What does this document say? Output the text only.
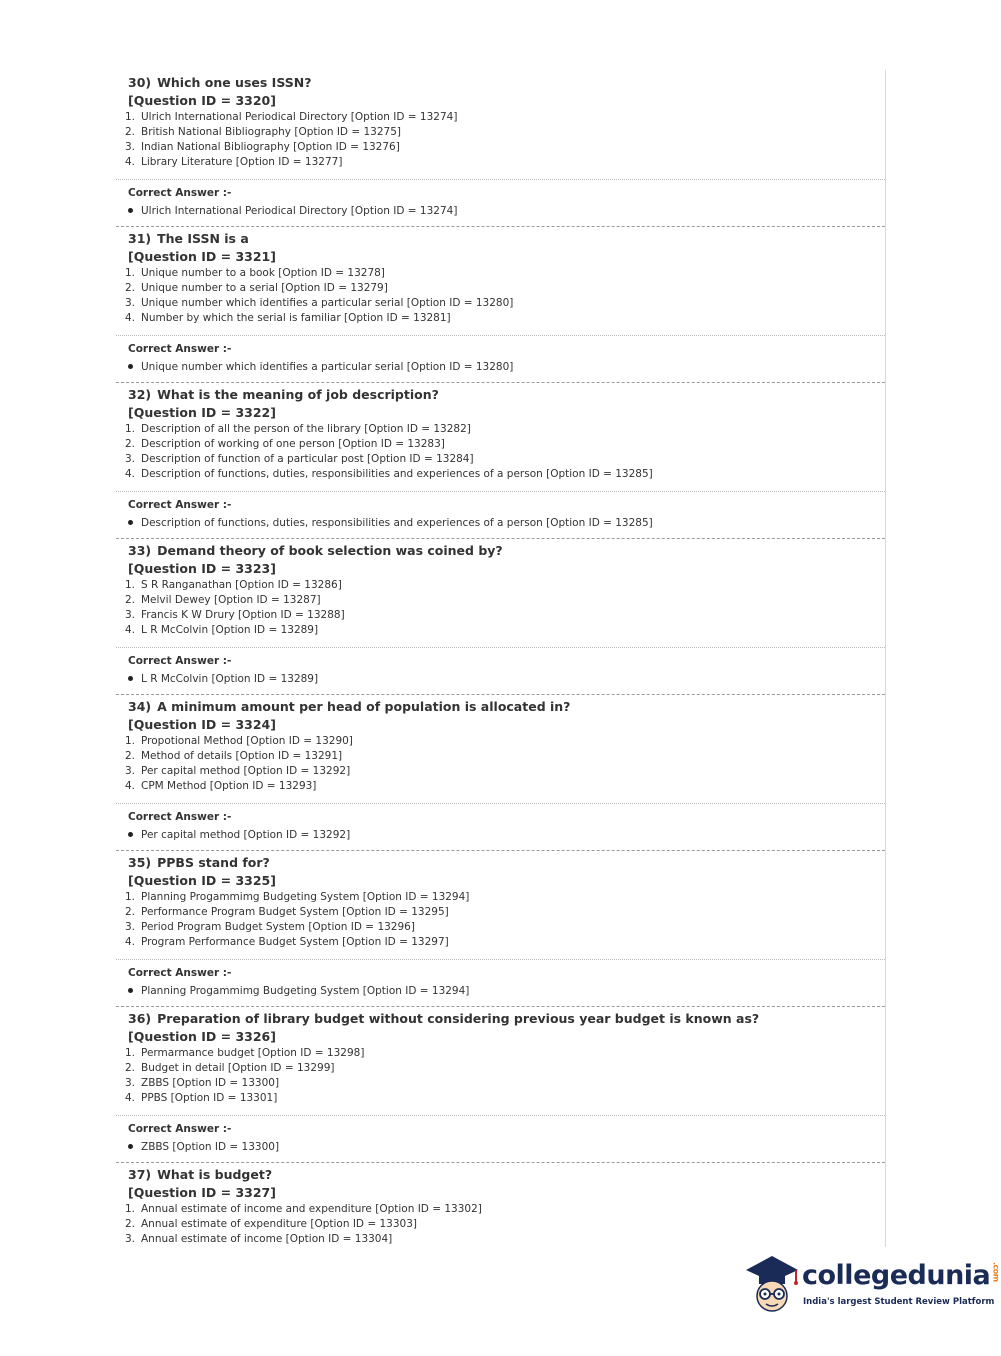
30) Which one uses ISSN?
[Question ID = 3320]
1. Ulrich International Periodical Directory [Option ID = 13274]
2. British National Bibliography [Option ID = 13275]
3. Indian National Bibliography [Option ID = 13276]
4. Library Literature [Option ID = 13277]
Correct Answer :-
Ulrich International Periodical Directory [Option ID = 13274]
31) The ISSN is a
[Question ID = 3321]
1. Unique number to a book [Option ID = 13278]
2. Unique number to a serial [Option ID = 13279]
3. Unique number which identifies a particular serial [Option ID = 13280]
4. Number by which the serial is familiar [Option ID = 13281]
Correct Answer :-
Unique number which identifies a particular serial [Option ID = 13280]
32) What is the meaning of job description?
[Question ID = 3322]
1. Description of all the person of the library [Option ID = 13282]
2. Description of working of one person [Option ID = 13283]
3. Description of function of a particular post [Option ID = 13284]
4. Description of functions, duties, responsibilities and experiences of a person [Option ID = 13285]
Correct Answer :-
Description of functions, duties, responsibilities and experiences of a person [Option ID = 13285]
33) Demand theory of book selection was coined by?
[Question ID = 3323]
1. S R Ranganathan [Option ID = 13286]
2. Melvil Dewey [Option ID = 13287]
3. Francis K W Drury [Option ID = 13288]
4. L R McColvin [Option ID = 13289]
Correct Answer :-
L R McColvin [Option ID = 13289]
34) A minimum amount per head of population is allocated in?
[Question ID = 3324]
1. Propotional Method [Option ID = 13290]
2. Method of details [Option ID = 13291]
3. Per capital method [Option ID = 13292]
4. CPM Method [Option ID = 13293]
Correct Answer :-
Per capital method [Option ID = 13292]
35) PPBS stand for?
[Question ID = 3325]
1. Planning Progammimg Budgeting System [Option ID = 13294]
2. Performance Program Budget System [Option ID = 13295]
3. Period Program Budget System [Option ID = 13296]
4. Program Performance Budget System [Option ID = 13297]
Correct Answer :-
Planning Progammimg Budgeting System [Option ID = 13294]
36) Preparation of library budget without considering previous year budget is known as?
[Question ID = 3326]
1. Permarmance budget [Option ID = 13298]
2. Budget in detail [Option ID = 13299]
3. ZBBS [Option ID = 13300]
4. PPBS [Option ID = 13301]
Correct Answer :-
ZBBS [Option ID = 13300]
37) What is budget?
[Question ID = 3327]
1. Annual estimate of income and expenditure [Option ID = 13302]
2. Annual estimate of expenditure [Option ID = 13303]
3. Annual estimate of income [Option ID = 13304]
collegedunia .com
India's largest Student Review Platform
